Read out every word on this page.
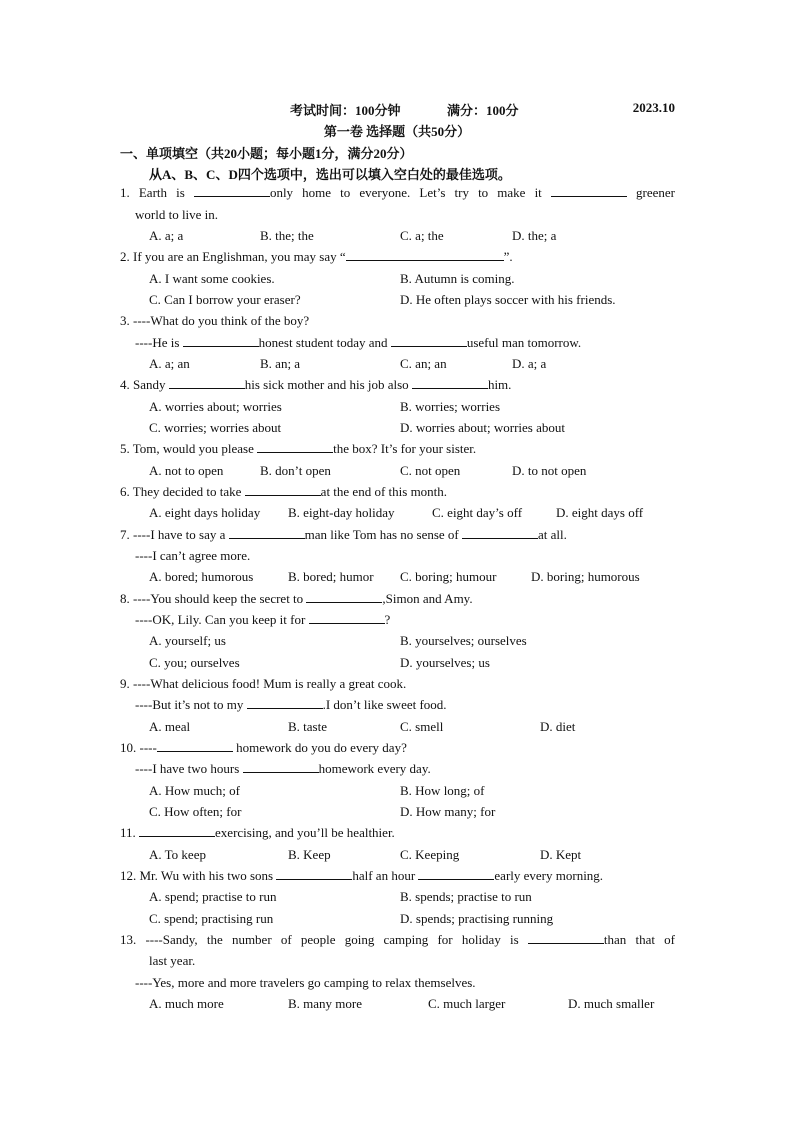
考试时间：100分钟	满分：100分	2023.10
第一卷 选择题（共50分）
一、单项填空（共20小题；每小题1分，满分20分）
从A、B、C、D四个选项中，选出可以填入空白处的最佳选项。
1. Earth is	only home to everyone. Let’s try to make it	greener
world to live in.
A. a; a	B. the; the	C. a; the	D. the; a
2. If you are an Englishman, you may say “	”.
A. I want some cookies.	B. Autumn is coming.
C. Can I borrow your eraser?	D. He often plays soccer with his friends.
3. ----What do you think of the boy?
----He is	honest student today and	useful man tomorrow.
A. a; an	B. an; a	C. an; an	D. a; a
4. Sandy	his sick mother and his job also	him.
A. worries about; worries	B. worries; worries
C. worries; worries about	D. worries about; worries about
5. Tom, would you please	the box? It’s for your sister.
A. not to open	B. don’t open	C. not open	D. to not open
6. They decided to take	at the end of this month.
A. eight days holiday B. eight-day holiday	C. eight day’s off	D. eight days off
7. ----I have to say a	man like Tom has no sense of	at all.
----I can’t agree more.
A. bored; humorous	B. bored; humor C. boring; humour	D. boring; humorous
8. ----You should keep the secret to	,Simon and Amy.
----OK, Lily. Can you keep it for	?
A. yourself; us	B. yourselves; ourselves
C. you; ourselves	D. yourselves; us
9. ----What delicious food! Mum is really a great cook.
----But it’s not to my	.I don’t like sweet food.
A. meal	B. taste	C. smell	D. diet
10. ----	homework do you do every day?
----I have two hours	homework every day.
A. How much; of	B. How long; of
C. How often; for	D. How many; for
11.	exercising, and you’ll be healthier.
A. To keep	B. Keep	C. Keeping	D. Kept
12. Mr. Wu with his two sons	half an hour	early every morning.
A. spend; practise to run	B. spends; practise to run
C. spend; practising run	D. spends; practising running
13. ----Sandy, the number of people going camping for holiday is	than that of
last year.
----Yes, more and more travelers go camping to relax themselves.
A. much more	B. many more	C. much larger	D. much smaller
